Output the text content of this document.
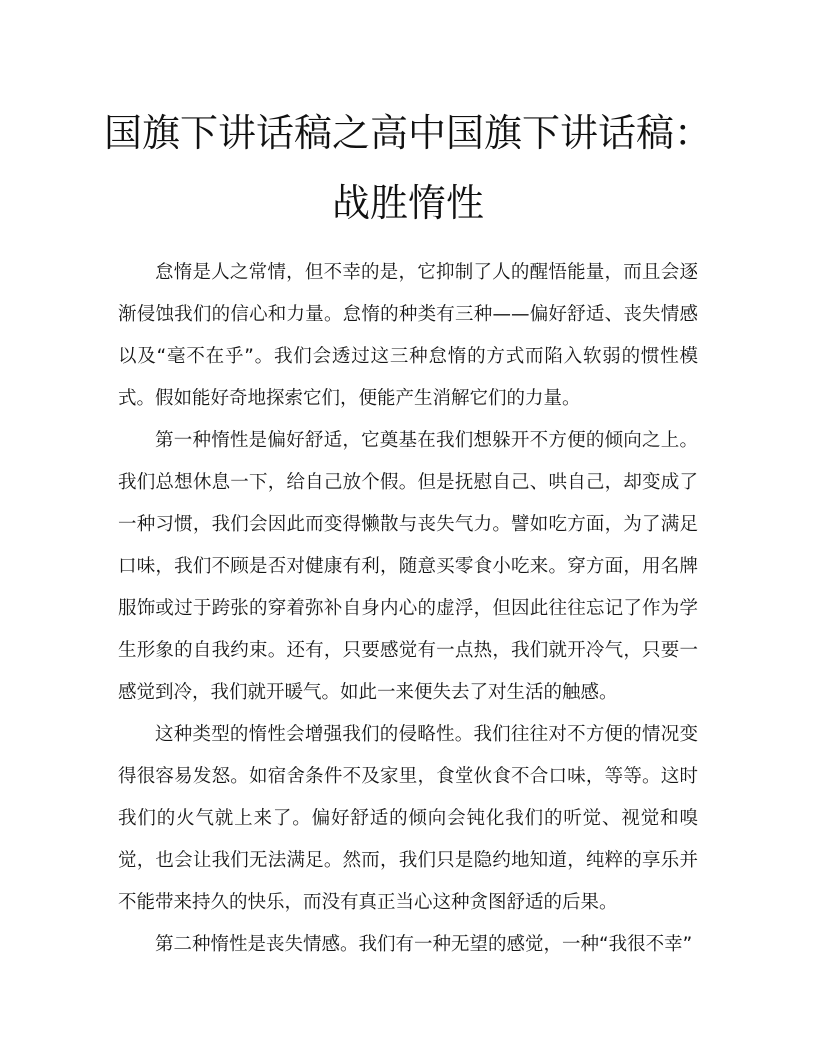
国旗下讲话稿之高中国旗下讲话稿：战胜惰性

怠惰是人之常情，但不幸的是，它抑制了人的醒悟能量，而且会逐渐侵蚀我们的信心和力量。怠惰的种类有三种——偏好舒适、丧失情感以及“毫不在乎”。我们会透过这三种怠惰的方式而陷入软弱的惯性模式。假如能好奇地探索它们，便能产生消解它们的力量。

第一种惰性是偏好舒适，它奠基在我们想躲开不方便的倾向之上。我们总想休息一下，给自己放个假。但是抚慰自己、哄自己，却变成了一种习惯，我们会因此而变得懒散与丧失气力。譬如吃方面，为了满足口味，我们不顾是否对健康有利，随意买零食小吃来。穿方面，用名牌服饰或过于跨张的穿着弥补自身内心的虚浮，但因此往往忘记了作为学生形象的自我约束。还有，只要感觉有一点热，我们就开冷气，只要一感觉到冷，我们就开暖气。如此一来便失去了对生活的触感。

这种类型的惰性会增强我们的侵略性。我们往往对不方便的情况变得很容易发怒。如宿舍条件不及家里，食堂伙食不合口味，等等。这时我们的火气就上来了。偏好舒适的倾向会钝化我们的听觉、视觉和嗅觉，也会让我们无法满足。然而，我们只是隐约地知道，纯粹的享乐并不能带来持久的快乐，而没有真正当心这种贪图舒适的后果。

第二种惰性是丧失情感。我们有一种无望的感觉，一种“我很不幸”
